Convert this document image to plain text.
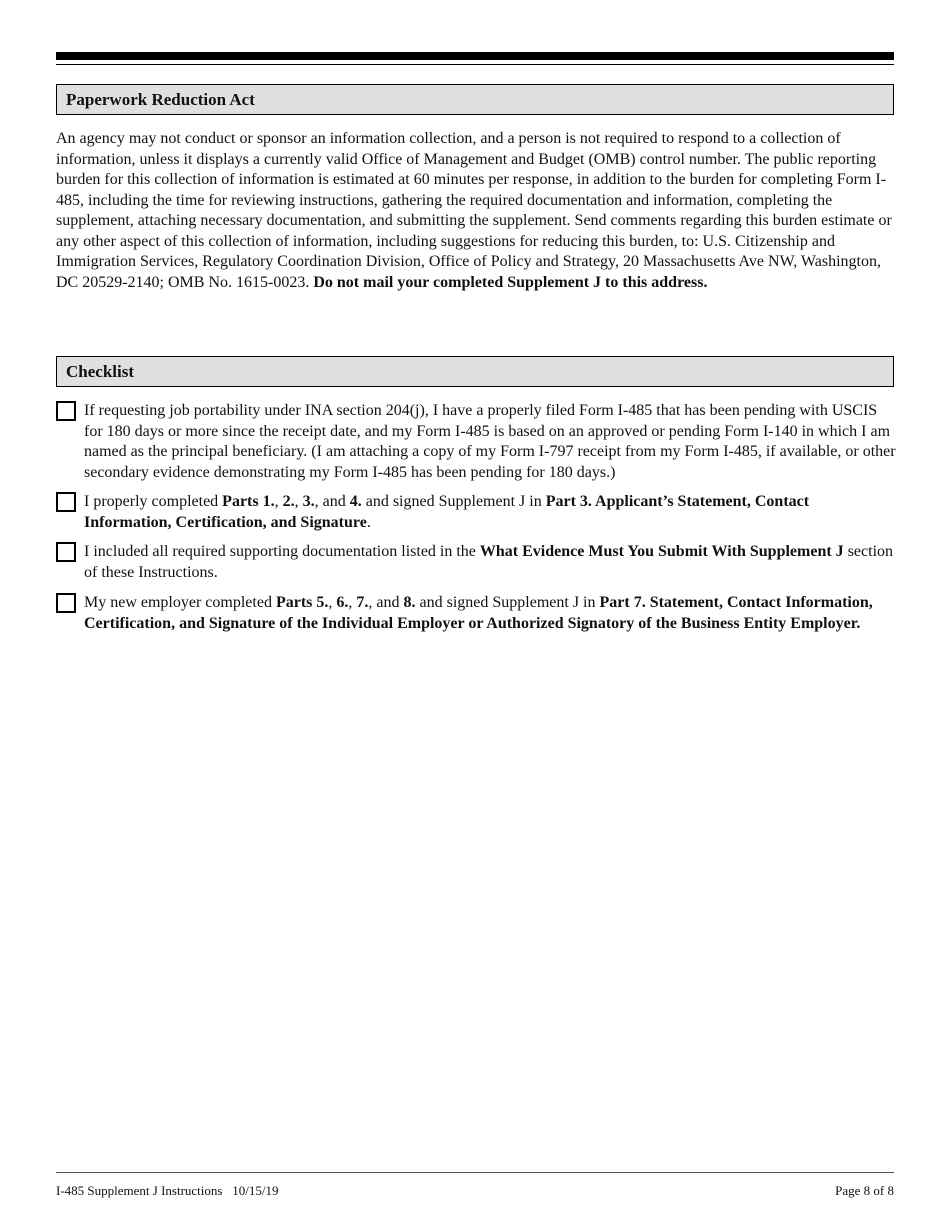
Paperwork Reduction Act

An agency may not conduct or sponsor an information collection, and a person is not required to respond to a collection of information, unless it displays a currently valid Office of Management and Budget (OMB) control number. The public reporting burden for this collection of information is estimated at 60 minutes per response, in addition to the burden for completing Form I-485, including the time for reviewing instructions, gathering the required documentation and information, completing the supplement, attaching necessary documentation, and submitting the supplement. Send comments regarding this burden estimate or any other aspect of this collection of information, including suggestions for reducing this burden, to: U.S. Citizenship and Immigration Services, Regulatory Coordination Division, Office of Policy and Strategy, 20 Massachusetts Ave NW, Washington, DC 20529-2140; OMB No. 1615-0023. Do not mail your completed Supplement J to this address.

Checklist

If requesting job portability under INA section 204(j), I have a properly filed Form I-485 that has been pending with USCIS for 180 days or more since the receipt date, and my Form I-485 is based on an approved or pending Form I-140 in which I am named as the principal beneficiary. (I am attaching a copy of my Form I-797 receipt from my Form I-485, if available, or other secondary evidence demonstrating my Form I-485 has been pending for 180 days.)

I properly completed Parts 1., 2., 3., and 4. and signed Supplement J in Part 3. Applicant’s Statement, Contact Information, Certification, and Signature.

I included all required supporting documentation listed in the What Evidence Must You Submit With Supplement J section of these Instructions.

My new employer completed Parts 5., 6., 7., and 8. and signed Supplement J in Part 7. Statement, Contact Information, Certification, and Signature of the Individual Employer or Authorized Signatory of the Business Entity Employer.

I-485 Supplement J Instructions 10/15/19	Page 8 of 8
